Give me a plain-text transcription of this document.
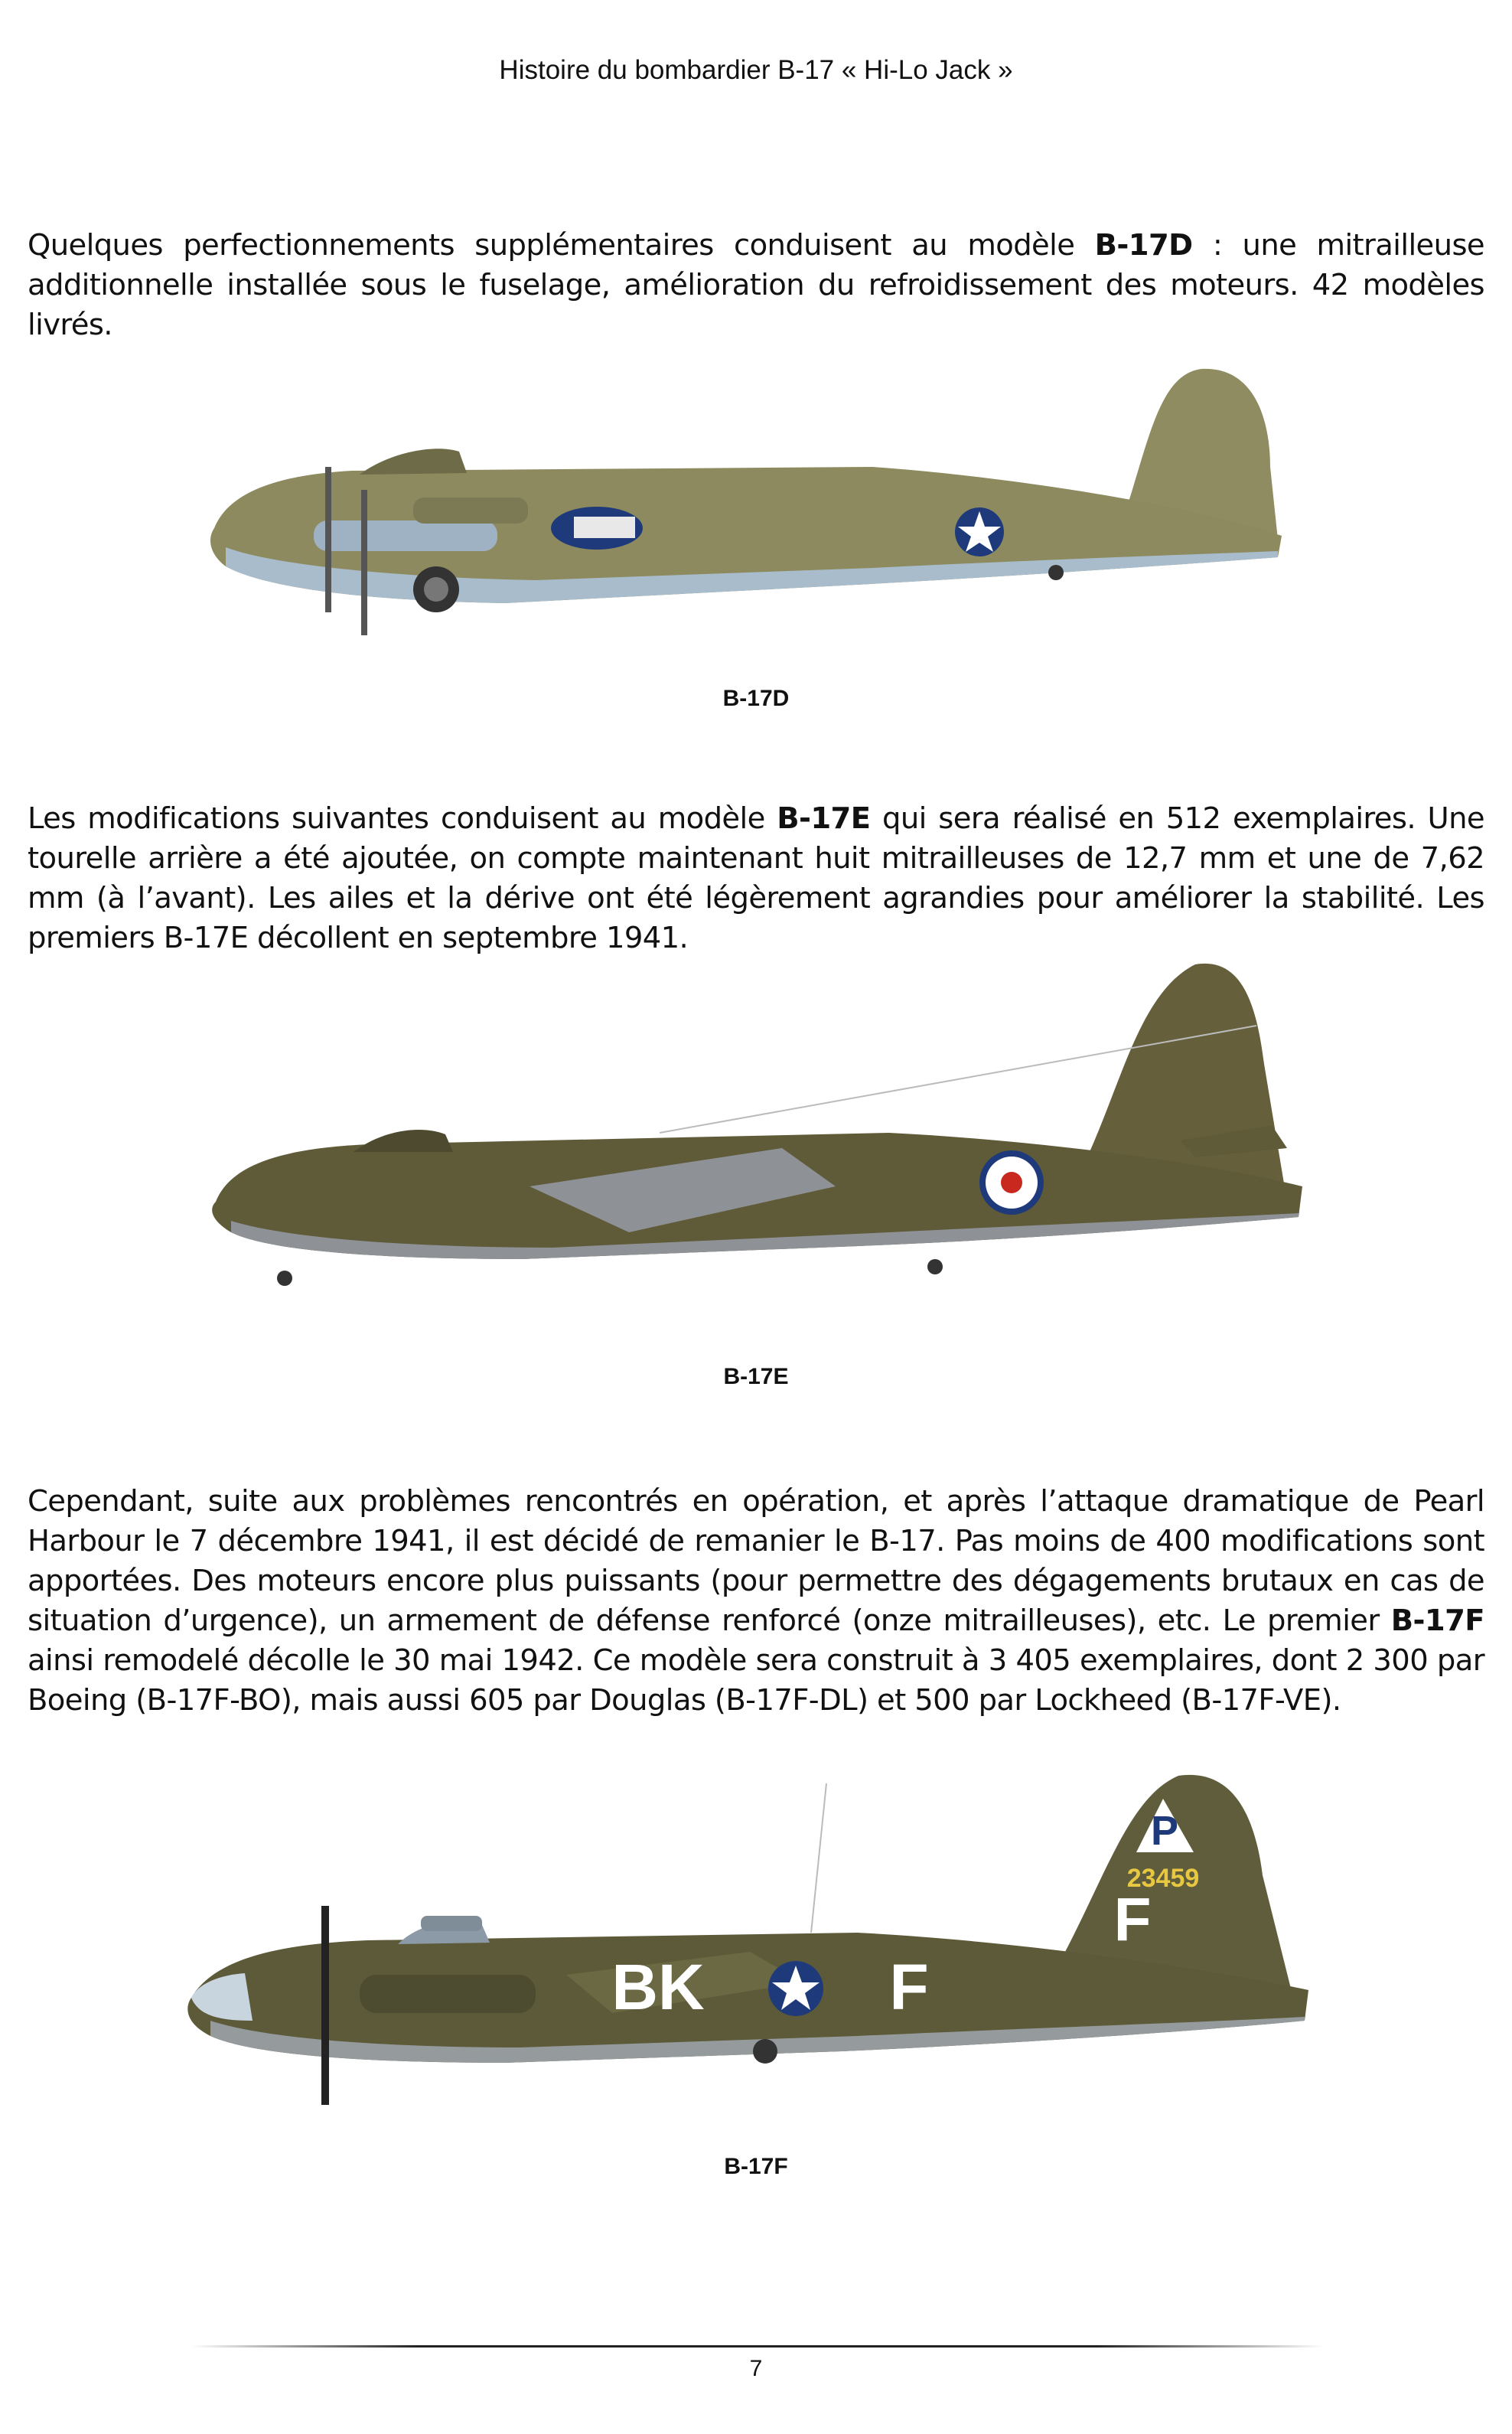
Histoire du bombardier B-17 « Hi-Lo Jack »
Quelques perfectionnements supplémentaires conduisent au modèle B-17D : une mitrailleuse additionnelle installée sous le fuselage, amélioration du refroidissement des moteurs. 42 modèles livrés.
B-17D
Les modifications suivantes conduisent au modèle B-17E qui sera réalisé en 512 exemplaires. Une tourelle arrière a été ajoutée, on compte maintenant huit mitrailleuses de 12,7 mm et une de 7,62 mm (à l’avant). Les ailes et la dérive ont été légèrement agrandies pour améliorer la stabilité. Les premiers B-17E décollent en septembre 1941.
B-17E
Cependant, suite aux problèmes rencontrés en opération, et après l’attaque dramatique de Pearl Harbour le 7 décembre 1941, il est décidé de remanier le B-17. Pas moins de 400 modifications sont apportées. Des moteurs encore plus puissants (pour permettre des dégagements brutaux en cas de situation d’urgence), un armement de défense renforcé (onze mitrailleuses), etc. Le premier B-17F ainsi remodelé décolle le 30 mai 1942. Ce modèle sera construit à 3 405 exemplaires, dont 2 300 par Boeing (B-17F-BO), mais aussi 605 par Douglas (B-17F-DL) et 500 par Lockheed (B-17F-VE).
P
23459
F
BK	F
B-17F
7
